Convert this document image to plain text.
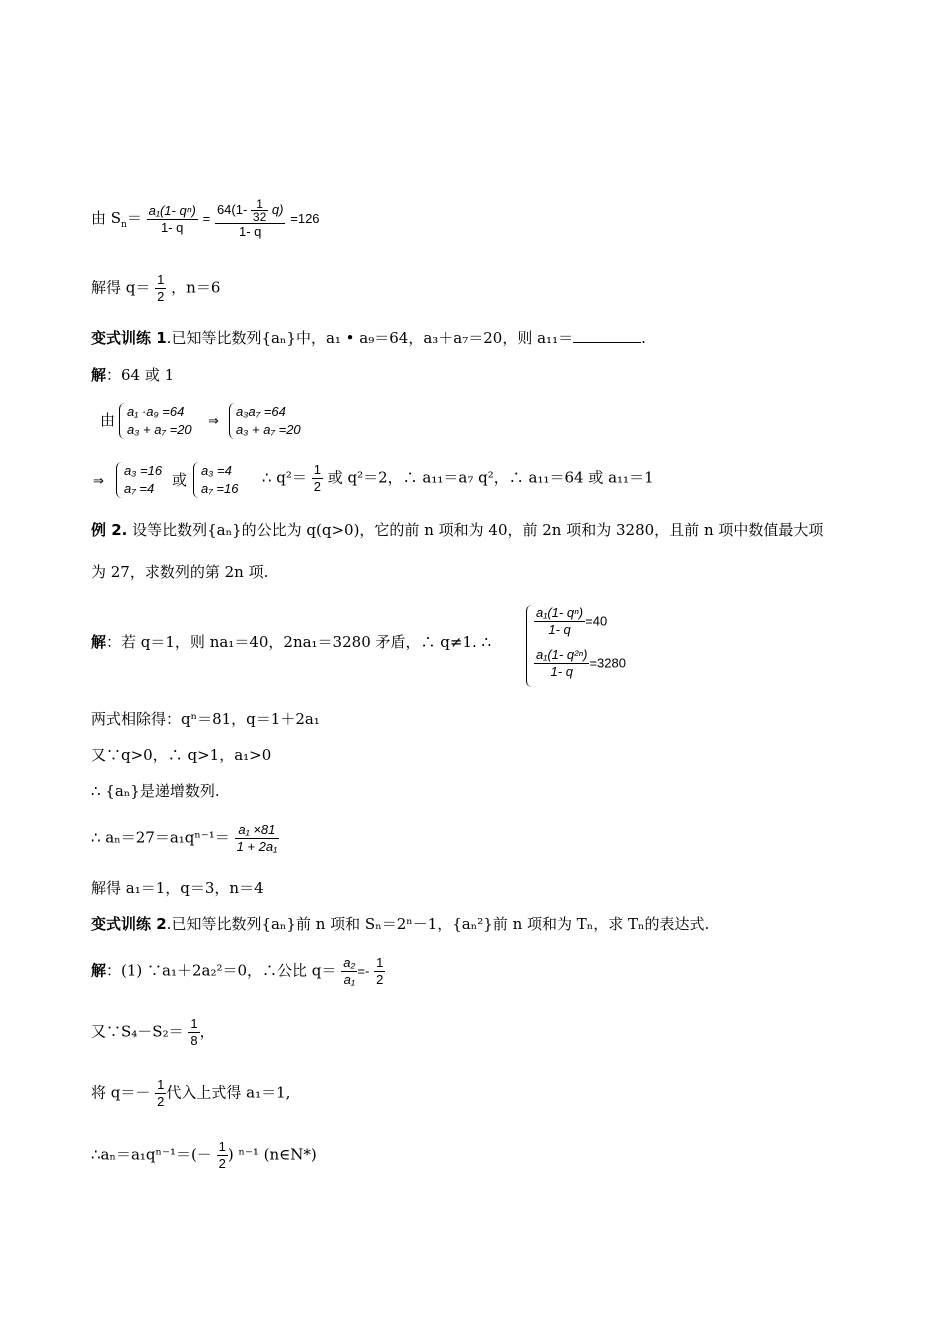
由 $S_n= \frac{\text{a₁(1- qⁿ)}}{1- q} = \frac{64(1- \frac{1}{32} q)}{1- q} =126$
解得 $q= \frac{1}{2}$ ，n＝6
变式训练 1.已知等比数列{aₙ}中，a₁ • a₉＝64，a₃＋a₇＝20，则 a₁₁＝	.
解：64 或 1
由 a₁ ·a₉ =64
a₃ + a₇ =20
⇒
a₃a₇ =64
a₃ + a₇ =20
⇒
a₃ =16
a₇ =4	或
a₃ =4
a₇ =16
∴ $q^2= \frac{1}{2}$ 或 q²＝2，∴ a₁₁＝a₇ q²，∴ a₁₁＝64 或 a₁₁＝1
例 2. 设等比数列{aₙ}的公比为 q(q>0)，它的前 n 项和为 40，前 2n 项和为 3280，且前 n 项中数值最大项
为 27，求数列的第 2n 项.
解：若 q＝1，则 na₁＝40，2na₁＝3280 矛盾，∴ q≠1. ∴
$\frac{\text{a₁(1- qⁿ)}}{1- q} =40$
$\frac{\text{a₁(1- q²ⁿ)}}{1- q} =3280$
两式相除得：qⁿ＝81，q＝1＋2a₁
又∵q>0，∴ q>1，a₁>0
∴ {aₙ}是递增数列.
∴ $a_n=27=a_1q^{n-1}= \frac{\text{a₁ ×81}}{\text{1 + 2a₁}}$
解得 a₁＝1，q＝3，n＝4
变式训练 2.已知等比数列{aₙ}前 n 项和 Sₙ＝2ⁿ－1，{aₙ²}前 n 项和为 Tₙ，求 Tₙ的表达式.
解：(1) ∵a₁＋2a₂²＝0，∴公比 $q= \frac{\text{a₂}}{\text{a₁}} =- \frac{1}{2}$
又∵S₄－S₂＝ $\frac{1}{8}$ ，
将 $q=- \frac{1}{2}$ 代入上式得 a₁＝1,
∴aₙ＝a₁qⁿ⁻¹＝(－ $\frac{1}{2}$ ) ⁿ⁻¹ (n∈N*)
